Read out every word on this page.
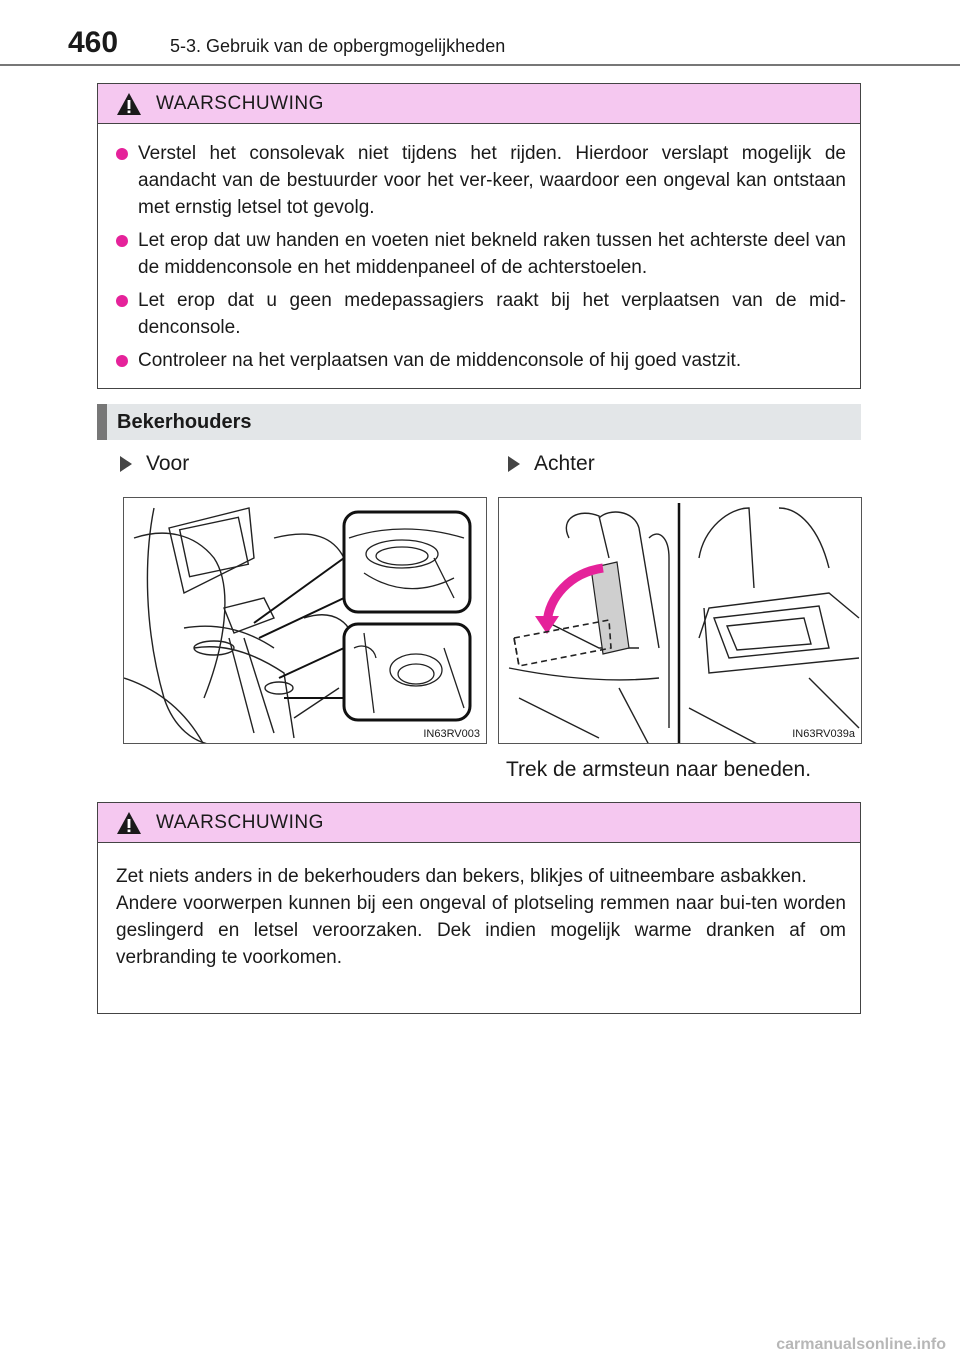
460	5-3. Gebruik van de opbergmogelijkheden
WAARSCHUWING
Verstel het consolevak niet tijdens het rijden. Hierdoor verslapt mogelijk de aandacht van de bestuurder voor het ver-keer, waardoor een ongeval kan ontstaan met ernstig letsel tot gevolg.
Let erop dat uw handen en voeten niet bekneld raken tussen het achterste deel van de middenconsole en het middenpaneel of de achterstoelen.
Let erop dat u geen medepassagiers raakt bij het verplaatsen van de mid-denconsole.
Controleer na het verplaatsen van de middenconsole of hij goed vastzit.
Bekerhouders
Voor	Achter
IN63RV003	IN63RV039a
Trek de armsteun naar beneden.
WAARSCHUWING
Zet niets anders in de bekerhouders dan bekers, blikjes of uitneembare asbakken.
Andere voorwerpen kunnen bij een ongeval of plotseling remmen naar bui-ten worden geslingerd en letsel veroorzaken. Dek indien mogelijk warme dranken af om verbranding te voorkomen.
carmanualsonline.info
